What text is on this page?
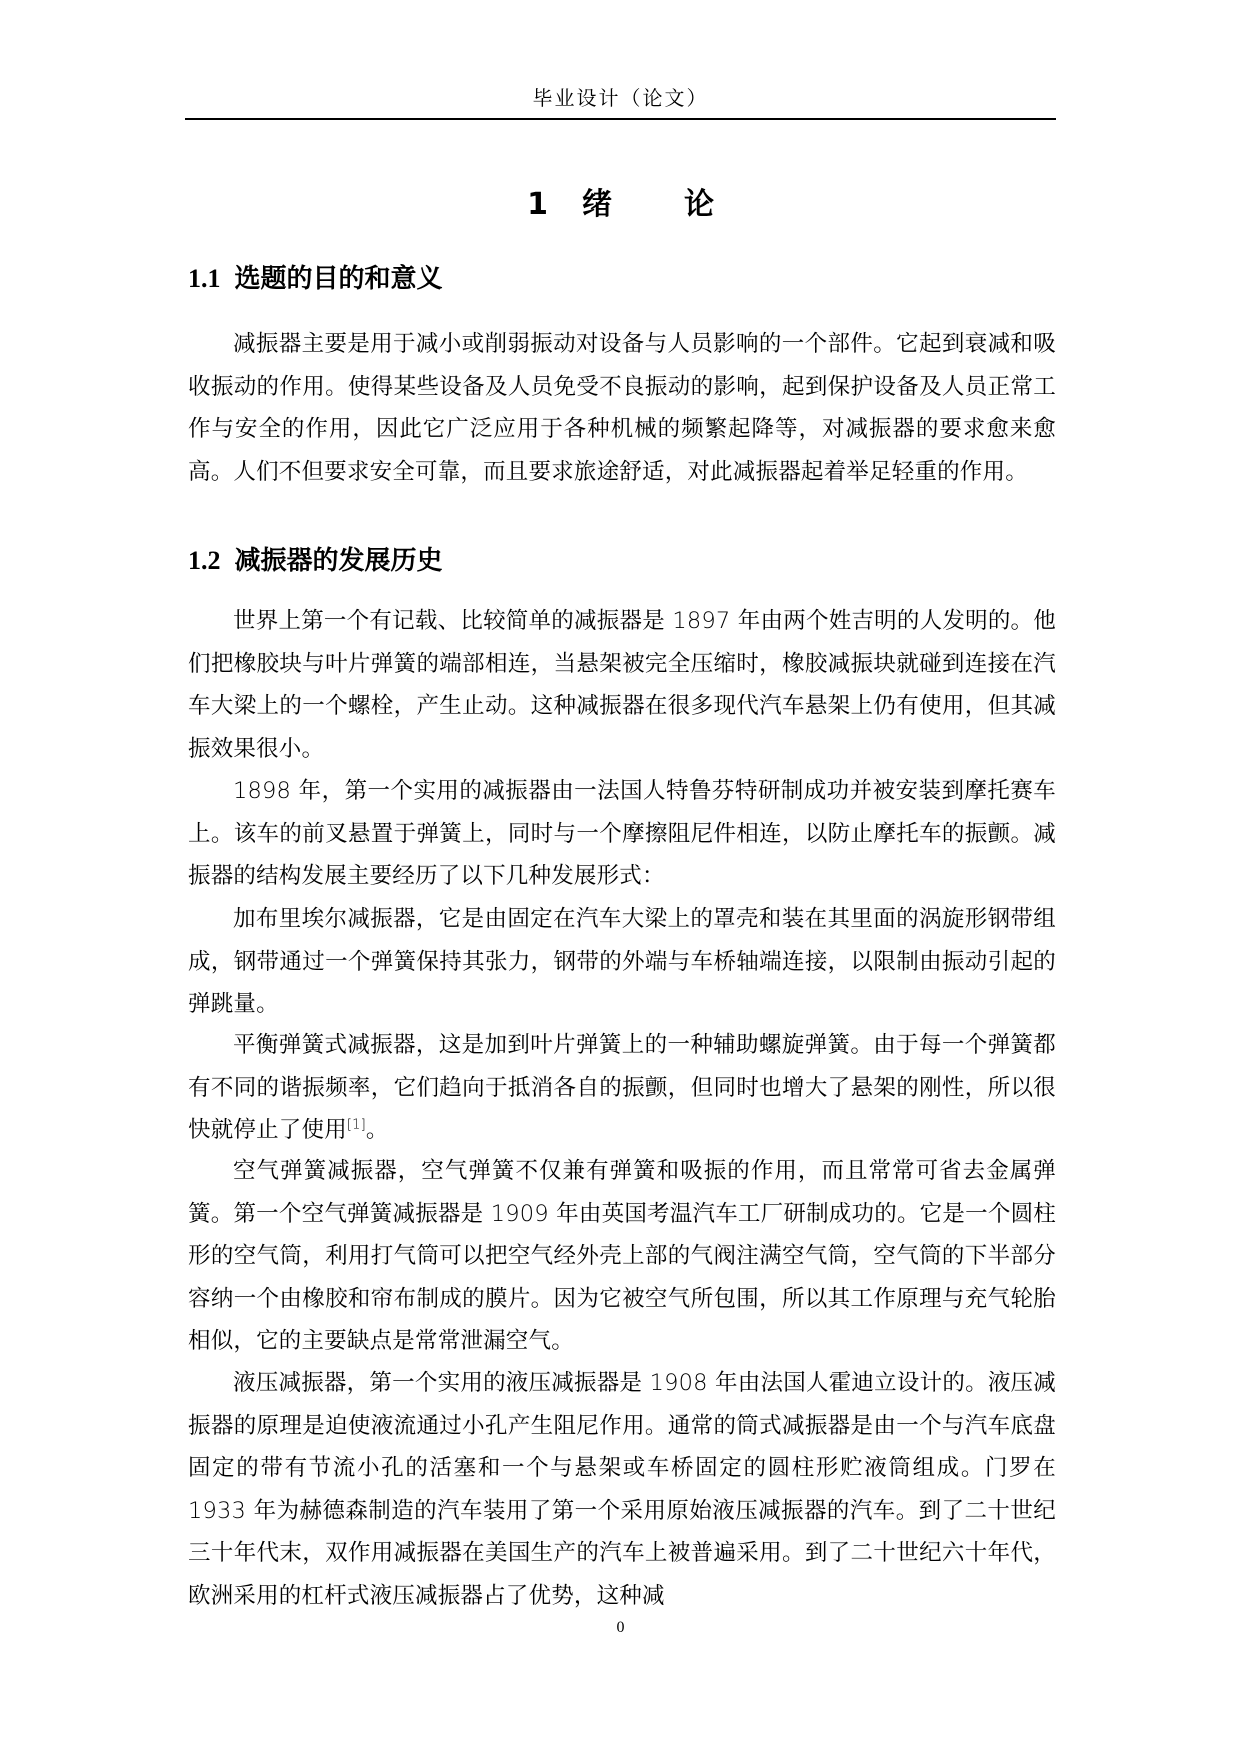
毕业设计（论文）
1 绪 论
1.1 选题的目的和意义

减振器主要是用于减小或削弱振动对设备与人员影响的一个部件。它起到衰减和吸收振动的作用。使得某些设备及人员免受不良振动的影响，起到保护设备及人员正常工作与安全的作用，因此它广泛应用于各种机械的频繁起降等，对减振器的要求愈来愈高。人们不但要求安全可靠，而且要求旅途舒适，对此减振器起着举足轻重的作用。

1.2 减振器的发展历史

世界上第一个有记载、比较简单的减振器是 1897 年由两个姓吉明的人发明的。他们把橡胶块与叶片弹簧的端部相连，当悬架被完全压缩时，橡胶减振块就碰到连接在汽车大梁上的一个螺栓，产生止动。这种减振器在很多现代汽车悬架上仍有使用，但其减振效果很小。

1898 年，第一个实用的减振器由一法国人特鲁芬特研制成功并被安装到摩托赛车上。该车的前叉悬置于弹簧上，同时与一个摩擦阻尼件相连，以防止摩托车的振颤。减振器的结构发展主要经历了以下几种发展形式：

加布里埃尔减振器，它是由固定在汽车大梁上的罩壳和装在其里面的涡旋形钢带组成，钢带通过一个弹簧保持其张力，钢带的外端与车桥轴端连接，以限制由振动引起的弹跳量。

平衡弹簧式减振器，这是加到叶片弹簧上的一种辅助螺旋弹簧。由于每一个弹簧都有不同的谐振频率，它们趋向于抵消各自的振颤，但同时也增大了悬架的刚性，所以很快就停止了使用[1]。

空气弹簧减振器，空气弹簧不仅兼有弹簧和吸振的作用，而且常常可省去金属弹簧。第一个空气弹簧减振器是 1909 年由英国考温汽车工厂研制成功的。它是一个圆柱形的空气筒，利用打气筒可以把空气经外壳上部的气阀注满空气筒，空气筒的下半部分容纳一个由橡胶和帘布制成的膜片。因为它被空气所包围，所以其工作原理与充气轮胎相似，它的主要缺点是常常泄漏空气。

液压减振器，第一个实用的液压减振器是 1908 年由法国人霍迪立设计的。液压减振器的原理是迫使液流通过小孔产生阻尼作用。通常的筒式减振器是由一个与汽车底盘固定的带有节流小孔的活塞和一个与悬架或车桥固定的圆柱形贮液筒组成。门罗在 1933 年为赫德森制造的汽车装用了第一个采用原始液压减振器的汽车。到了二十世纪三十年代末，双作用减振器在美国生产的汽车上被普遍采用。到了二十世纪六十年代，欧洲采用的杠杆式液压减振器占了优势，这种减

0
